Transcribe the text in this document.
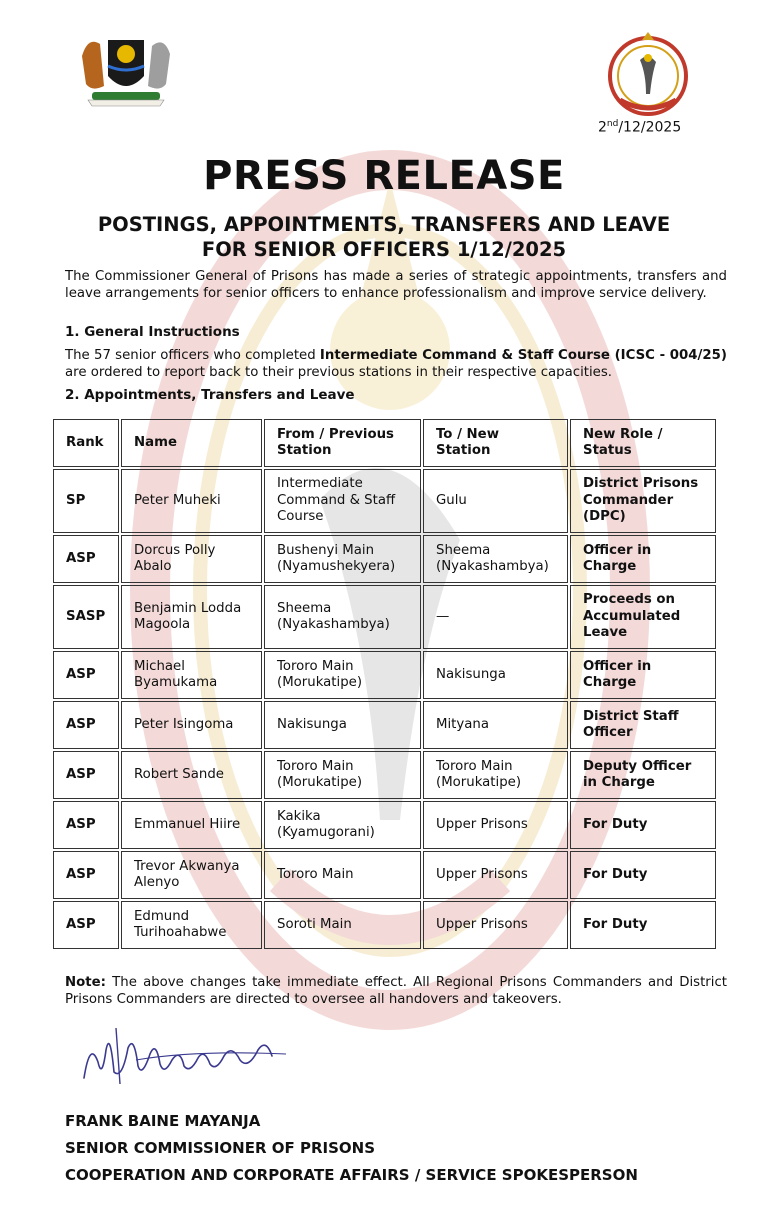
2nd/12/2025
PRESS RELEASE
POSTINGS, APPOINTMENTS, TRANSFERS AND LEAVE
FOR SENIOR OFFICERS 1/12/2025

The Commissioner General of Prisons has made a series of strategic appointments, transfers and leave arrangements for senior officers to enhance professionalism and improve service delivery.

1. General Instructions

The 57 senior officers who completed Intermediate Command & Staff Course (ICSC - 004/25) are ordered to report back to their previous stations in their respective capacities.

2. Appointments, Transfers and Leave
Rank	Name	From / Previous Station	To / New Station	New Role / Status
SP	Peter Muheki	Intermediate Command & Staff Course	Gulu	District Prisons Commander (DPC)
ASP	Dorcus Polly Abalo	Bushenyi Main (Nyamushekyera)	Sheema (Nyakashambya)	Officer in Charge
SASP	Benjamin Lodda Magoola	Sheema (Nyakashambya)	—	Proceeds on Accumulated Leave
ASP	Michael Byamukama	Tororo Main (Morukatipe)	Nakisunga	Officer in Charge
ASP	Peter Isingoma	Nakisunga	Mityana	District Staff Officer
ASP	Robert Sande	Tororo Main (Morukatipe)	Tororo Main (Morukatipe)	Deputy Officer in Charge
ASP	Emmanuel Hiire	Kakika (Kyamugorani)	Upper Prisons	For Duty
ASP	Trevor Akwanya Alenyo	Tororo Main	Upper Prisons	For Duty
ASP	Edmund Turihoahabwe	Soroti Main	Upper Prisons	For Duty

Note: The above changes take immediate effect. All Regional Prisons Commanders and District Prisons Commanders are directed to oversee all handovers and takeovers.

FRANK BAINE MAYANJA
SENIOR COMMISSIONER OF PRISONS
COOPERATION AND CORPORATE AFFAIRS / SERVICE SPOKESPERSON
